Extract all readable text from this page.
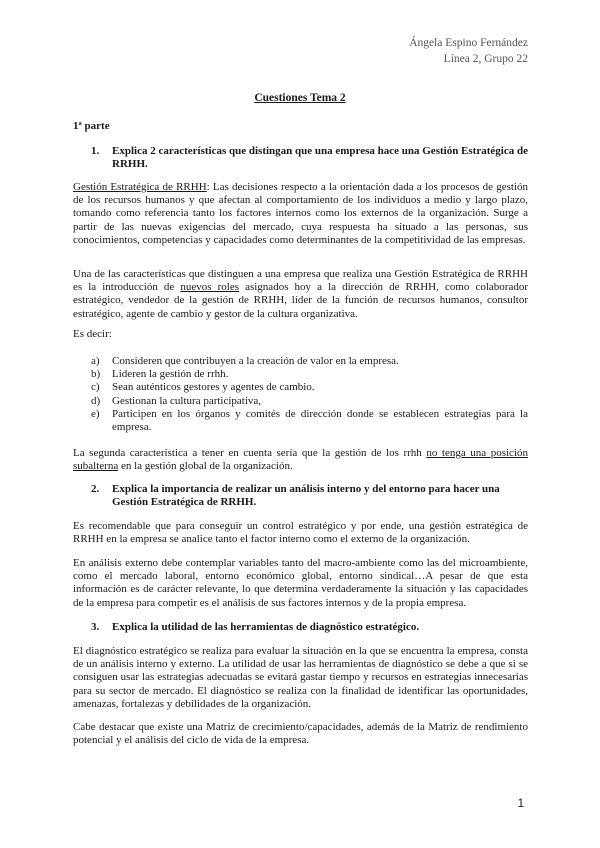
Ángela Espino Fernández
Línea 2, Grupo 22
Cuestiones Tema 2
1ª parte
1. Explica 2 características que distingan que una empresa hace una Gestión Estratégica de RRHH.
Gestión Estratégica de RRHH: Las decisiones respecto a la orientación dada a los procesos de gestión de los recursos humanos y que afectan al comportamiento de los individuos a medio y largo plazo, tomando como referencia tanto los factores internos como los externos de la organización. Surge a partir de las nuevas exigencias del mercado, cuya respuesta ha situado a las personas, sus conocimientos, competencias y capacidades como determinantes de la competitividad de las empresas.
Una de las características que distinguen a una empresa que realiza una Gestión Estratégica de RRHH es la introducción de nuevos roles asignados hoy a la dirección de RRHH, como colaborador estratégico, vendedor de la gestión de RRHH, líder de la función de recursos humanos, consultor estratégico, agente de cambio y gestor de la cultura organizativa.
Es decir:
a) Consideren que contribuyen a la creación de valor en la empresa.
b) Lideren la gestión de rrhh.
c) Sean auténticos gestores y agentes de cambio.
d) Gestionan la cultura participativa,
e) Participen en los órganos y comités de dirección donde se establecen estrategias para la empresa.
La segunda característica a tener en cuenta sería que la gestión de los rrhh no tenga una posición subalterna en la gestión global de la organización.
2. Explica la importancia de realizar un análisis interno y del entorno para hacer una Gestión Estratégica de RRHH.
Es recomendable que para conseguir un control estratégico y por ende, una gestión estratégica de RRHH en la empresa se analice tanto el factor interno como el externo de la organización.
En análisis externo debe contemplar variables tanto del macro-ambiente como las del microambiente, como el mercado laboral, entorno económico global, entorno sindical…A pesar de que esta información es de carácter relevante, lo que determina verdaderamente la situación y las capacidades de la empresa para competir es el análisis de sus factores internos y de la propia empresa.
3. Explica la utilidad de las herramientas de diagnóstico estratégico.
El diagnóstico estratégico se realiza para evaluar la situación en la que se encuentra la empresa, consta de un análisis interno y externo. La utilidad de usar las herramientas de diagnóstico se debe a que si se consiguen usar las estrategias adecuadas se evitará gastar tiempo y recursos en estrategias innecesarias para su sector de mercado. El diagnóstico se realiza con la finalidad de identificar las oportunidades, amenazas, fortalezas y debilidades de la organización.
Cabe destacar que existe una Matriz de crecimiento/capacidades, además de la Matriz de rendimiento potencial y el análisis del ciclo de vida de la empresa.
1
